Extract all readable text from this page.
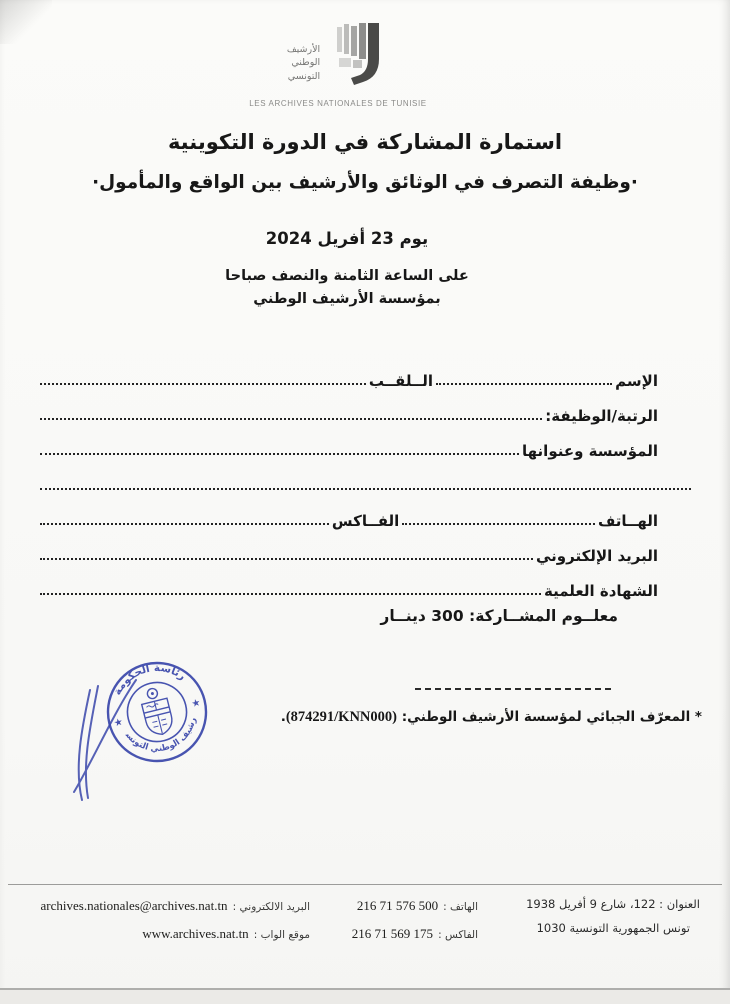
الأرشيف
الوطني
التونسي
LES ARCHIVES NATIONALES DE TUNISIE
استمارة المشاركة في الدورة التكوينية
·وظيفة التصرف في الوثائق والأرشيف بين الواقع والمأمول·
يوم 23 أفريل 2024
على الساعة الثامنة والنصف صباحا
بمؤسسة الأرشيف الوطني
الإسم
الــلقــب
الرتبة/الوظيفة:
المؤسسة وعنوانها
الهــاتف
الفــاكس
البريد الإلكتروني
الشهادة العلمية
معلــوم المشــاركة: 300 دينــار
رئاسة الحكومة
الأرشيف الوطني التونسي
★
★
* المعرّف الجبائي لمؤسسة الأرشيف الوطني: (874291/KNN000).
البريد الالكتروني : archives.nationales@archives.nat.tn
موقع الواب : www.archives.nat.tn
الهاتف : 216 71 576 500
الفاكس : 216 71 569 175
العنوان : 122، شارع 9 أفريل 1938
1030 تونس الجمهورية التونسية
